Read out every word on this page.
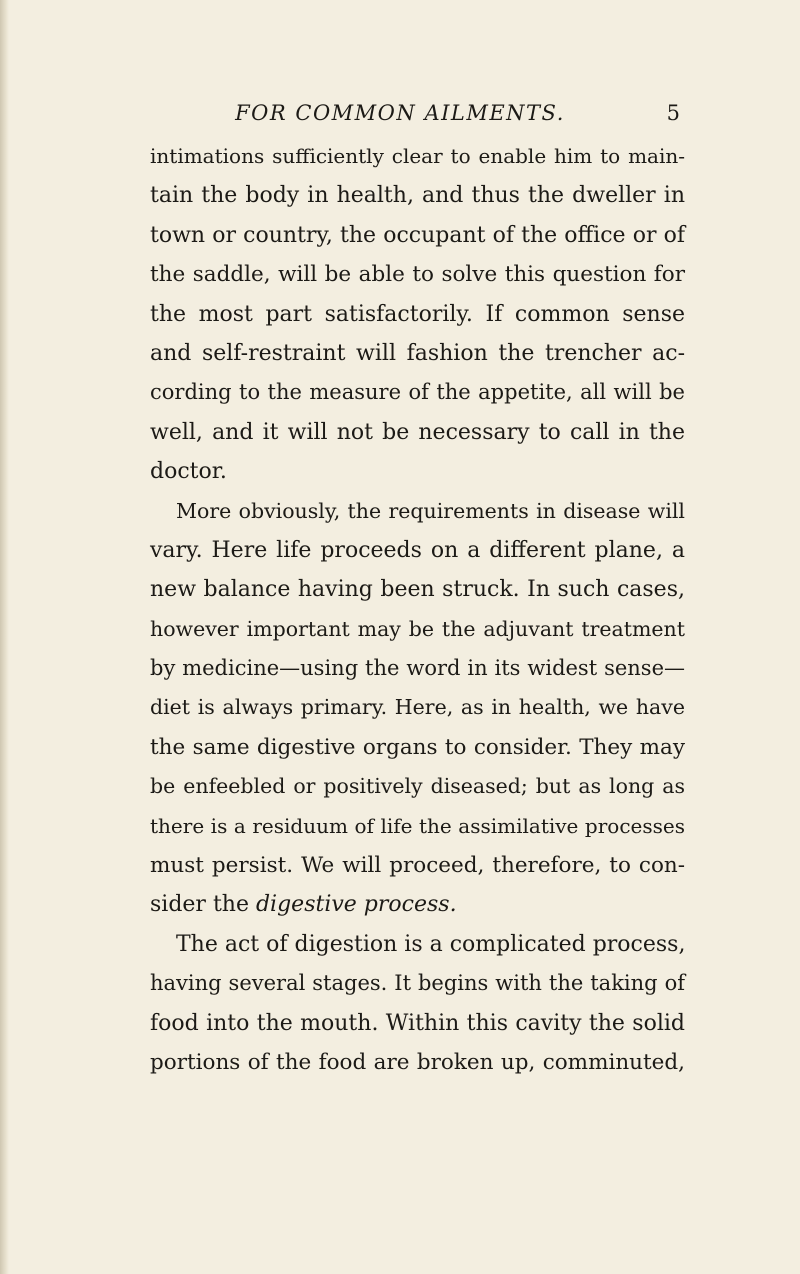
FOR COMMON AILMENTS.	5
intimations sufficiently clear to enable him to main-
tain the body in health, and thus the dweller in
town or country, the occupant of the office or of
the saddle, will be able to solve this question for
the most part satisfactorily. If common sense
and self-restraint will fashion the trencher ac-
cording to the measure of the appetite, all will be
well, and it will not be necessary to call in the
doctor.
More obviously, the requirements in disease will
vary. Here life proceeds on a different plane, a
new balance having been struck. In such cases,
however important may be the adjuvant treatment
by medicine—using the word in its widest sense—
diet is always primary. Here, as in health, we have
the same digestive organs to consider. They may
be enfeebled or positively diseased; but as long as
there is a residuum of life the assimilative processes
must persist. We will proceed, therefore, to con-
sider the digestive process.
The act of digestion is a complicated process,
having several stages. It begins with the taking of
food into the mouth. Within this cavity the solid
portions of the food are broken up, comminuted,
